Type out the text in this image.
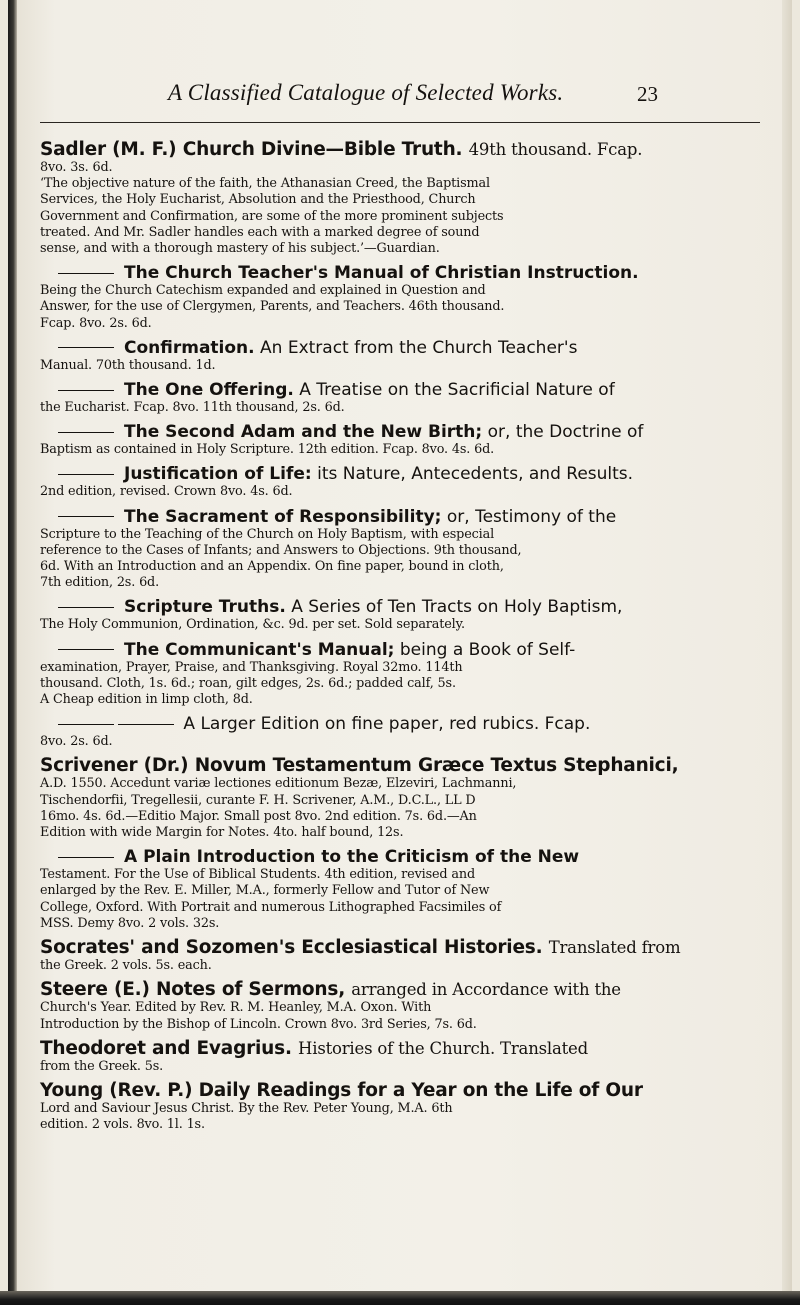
A Classified Catalogue of Selected Works.	23
Sadler (M. F.) Church Divine—Bible Truth. 49th thousand. Fcap.
8vo. 3s. 6d.
‘The objective nature of the faith, the Athanasian Creed, the Baptismal
Services, the Holy Eucharist, Absolution and the Priesthood, Church
Government and Confirmation, are some of the more prominent subjects
treated. And Mr. Sadler handles each with a marked degree of sound
sense, and with a thorough mastery of his subject.’—Guardian.
The Church Teacher's Manual of Christian Instruction.
Being the Church Catechism expanded and explained in Question and
Answer, for the use of Clergymen, Parents, and Teachers. 46th thousand.
Fcap. 8vo. 2s. 6d.
Confirmation. An Extract from the Church Teacher's
Manual. 70th thousand. 1d.
The One Offering. A Treatise on the Sacrificial Nature of
the Eucharist. Fcap. 8vo. 11th thousand, 2s. 6d.
The Second Adam and the New Birth; or, the Doctrine of
Baptism as contained in Holy Scripture. 12th edition. Fcap. 8vo. 4s. 6d.
Justification of Life: its Nature, Antecedents, and Results.
2nd edition, revised. Crown 8vo. 4s. 6d.
The Sacrament of Responsibility; or, Testimony of the
Scripture to the Teaching of the Church on Holy Baptism, with especial
reference to the Cases of Infants; and Answers to Objections. 9th thousand,
6d. With an Introduction and an Appendix. On fine paper, bound in cloth,
7th edition, 2s. 6d.
Scripture Truths. A Series of Ten Tracts on Holy Baptism,
The Holy Communion, Ordination, &c. 9d. per set. Sold separately.
The Communicant's Manual; being a Book of Self-
examination, Prayer, Praise, and Thanksgiving. Royal 32mo. 114th
thousand. Cloth, 1s. 6d.; roan, gilt edges, 2s. 6d.; padded calf, 5s.
A Cheap edition in limp cloth, 8d.
A Larger Edition on fine paper, red rubics. Fcap.
8vo. 2s. 6d.
Scrivener (Dr.) Novum Testamentum Græce Textus Stephanici,
A.D. 1550. Accedunt variæ lectiones editionum Bezæ, Elzeviri, Lachmanni,
Tischendorfii, Tregellesii, curante F. H. Scrivener, A.M., D.C.L., LL D
16mo. 4s. 6d.—Editio Major. Small post 8vo. 2nd edition. 7s. 6d.—An
Edition with wide Margin for Notes. 4to. half bound, 12s.
A Plain Introduction to the Criticism of the New
Testament. For the Use of Biblical Students. 4th edition, revised and
enlarged by the Rev. E. Miller, M.A., formerly Fellow and Tutor of New
College, Oxford. With Portrait and numerous Lithographed Facsimiles of
MSS. Demy 8vo. 2 vols. 32s.
Socrates' and Sozomen's Ecclesiastical Histories. Translated from
the Greek. 2 vols. 5s. each.
Steere (E.) Notes of Sermons, arranged in Accordance with the
Church's Year. Edited by Rev. R. M. Heanley, M.A. Oxon. With
Introduction by the Bishop of Lincoln. Crown 8vo. 3rd Series, 7s. 6d.
Theodoret and Evagrius. Histories of the Church. Translated
from the Greek. 5s.
Young (Rev. P.) Daily Readings for a Year on the Life of Our
Lord and Saviour Jesus Christ. By the Rev. Peter Young, M.A. 6th
edition. 2 vols. 8vo. 1l. 1s.
